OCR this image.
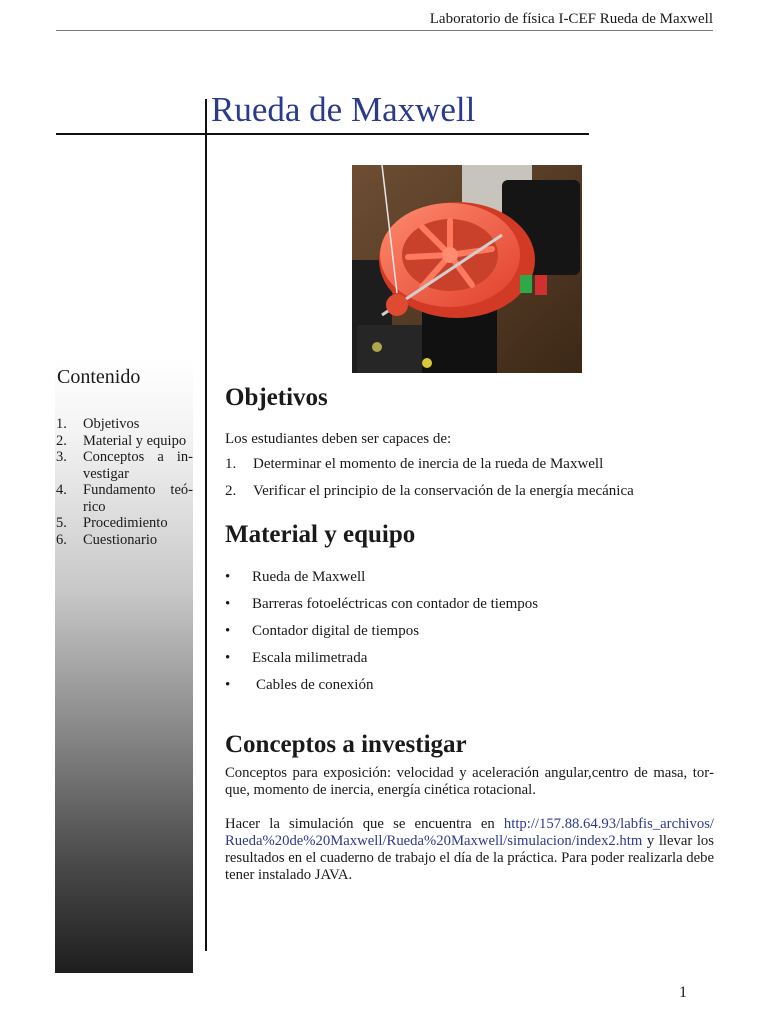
Laboratorio de física I-CEF Rueda de Maxwell
Rueda de Maxwell
Contenido
1. Objetivos
2. Material y equipo
3. Conceptos a investigar
4. Fundamento teórico
5. Procedimiento
6. Cuestionario
Objetivos
Los estudiantes deben ser capaces de:
1. Determinar el momento de inercia de la rueda de Maxwell
2. Verificar el principio de la conservación de la energía mecánica
Material y equipo
• Rueda de Maxwell
• Barreras fotoeléctricas con contador de tiempos
• Contador digital de tiempos
• Escala milimetrada
• Cables de conexión
Conceptos a investigar
Conceptos para exposición: velocidad y aceleración angular,centro de masa, torque, momento de inercia, energía cinética rotacional.
Hacer la simulación que se encuentra en http://157.88.64.93/labfis_archivos/ Rueda%20de%20Maxwell/Rueda%20Maxwell/simulacion/index2.htm y llevar los resultados en el cuaderno de trabajo el día de la práctica. Para poder realizarla debe tener instalado JAVA.
1
